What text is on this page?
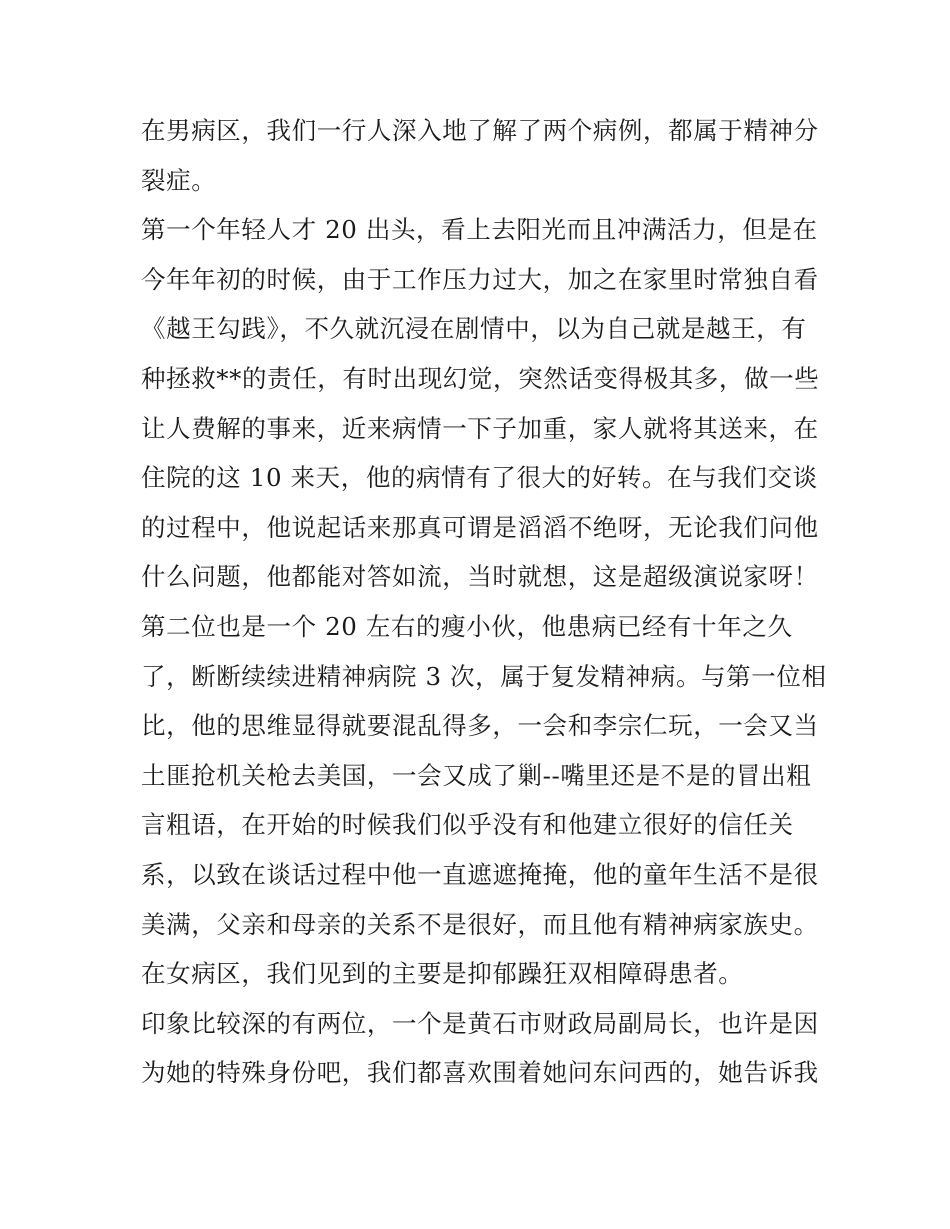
在男病区，我们一行人深入地了解了两个病例，都属于精神分
裂症。
第一个年轻人才 20 出头，看上去阳光而且冲满活力，但是在
今年年初的时候，由于工作压力过大，加之在家里时常独自看
《越王勾践》，不久就沉浸在剧情中，以为自己就是越王，有
种拯救**的责任，有时出现幻觉，突然话变得极其多，做一些
让人费解的事来，近来病情一下子加重，家人就将其送来，在
住院的这 10 来天，他的病情有了很大的好转。在与我们交谈
的过程中，他说起话来那真可谓是滔滔不绝呀，无论我们问他
什么问题，他都能对答如流，当时就想，这是超级演说家呀！
第二位也是一个 20 左右的瘦小伙，他患病已经有十年之久
了，断断续续进精神病院 3 次，属于复发精神病。与第一位相
比，他的思维显得就要混乱得多，一会和李宗仁玩，一会又当
土匪抢机关枪去美国，一会又成了剿--嘴里还是不是的冒出粗
言粗语，在开始的时候我们似乎没有和他建立很好的信任关
系，以致在谈话过程中他一直遮遮掩掩，他的童年生活不是很
美满，父亲和母亲的关系不是很好，而且他有精神病家族史。
在女病区，我们见到的主要是抑郁躁狂双相障碍患者。
印象比较深的有两位，一个是黄石市财政局副局长，也许是因
为她的特殊身份吧，我们都喜欢围着她问东问西的，她告诉我
